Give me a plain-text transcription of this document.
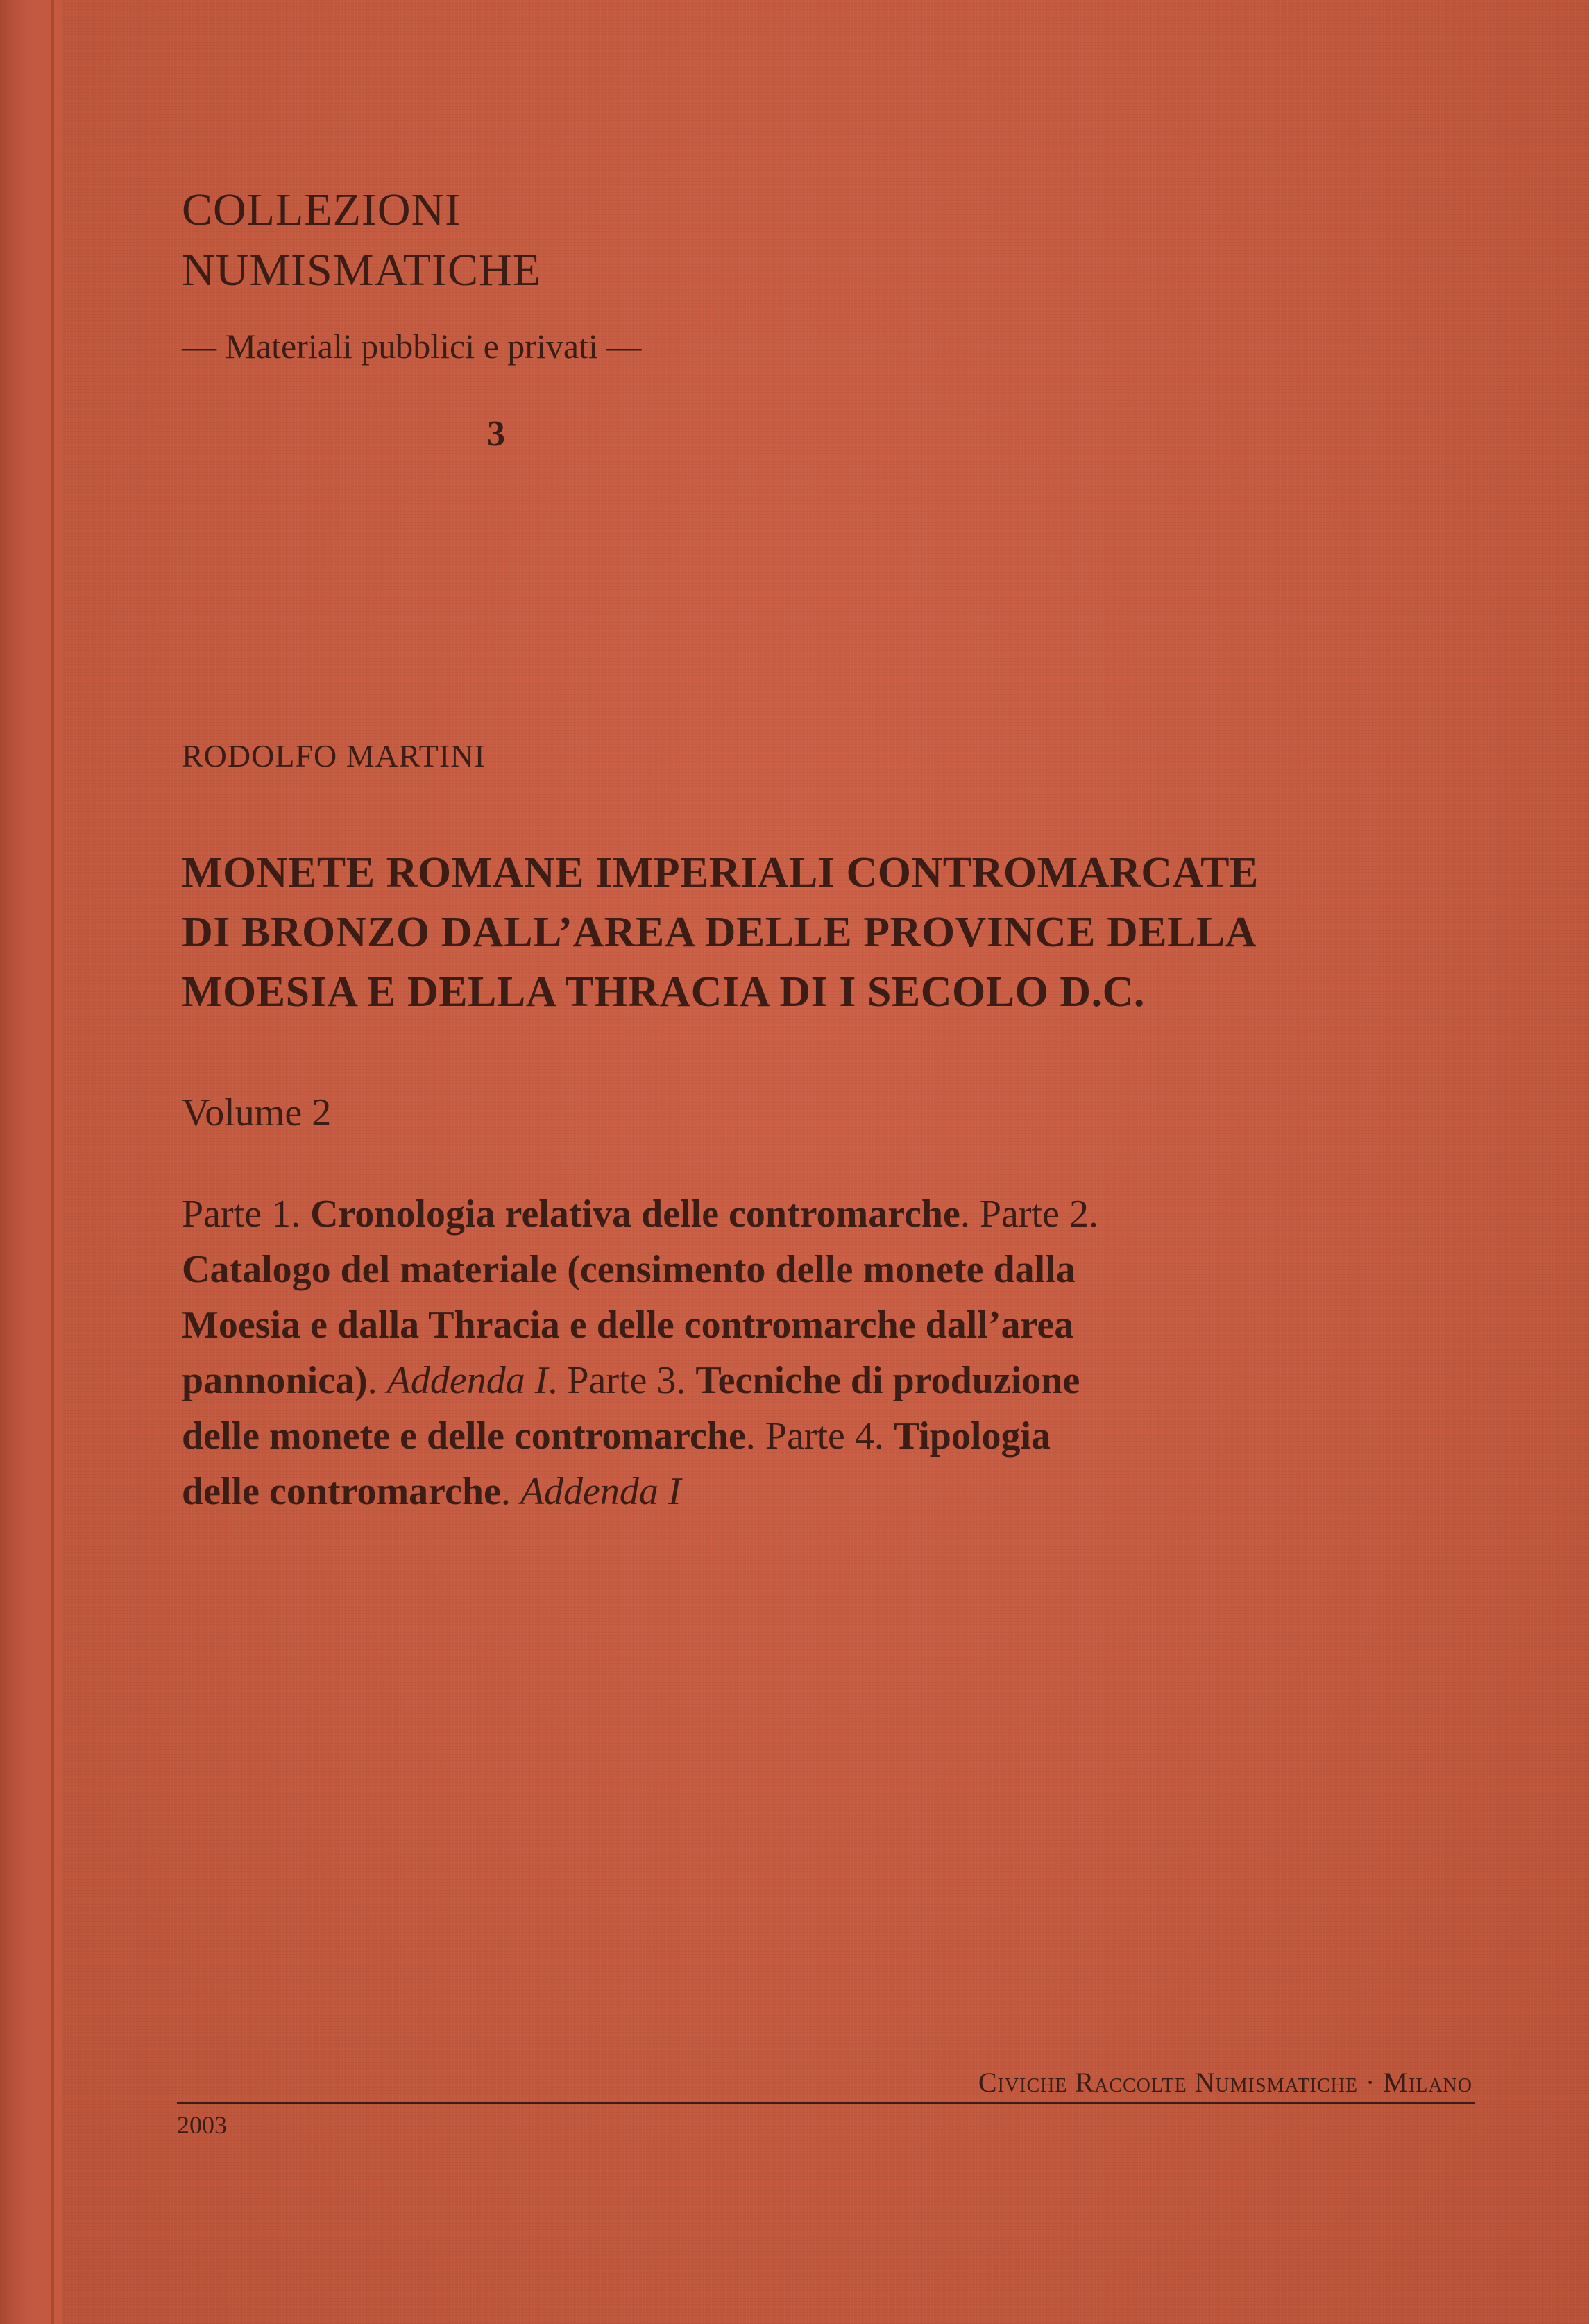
COLLEZIONI
NUMISMATICHE
— Materiali pubblici e privati —
3
RODOLFO MARTINI
MONETE ROMANE IMPERIALI CONTROMARCATE
DI BRONZO DALL’AREA DELLE PROVINCE DELLA
MOESIA E DELLA THRACIA DI I SECOLO D.C.
Volume 2
Parte 1. Cronologia relativa delle contromarche. Parte 2.
Catalogo del materiale (censimento delle monete dalla
Moesia e dalla Thracia e delle contromarche dall’area
pannonica). Addenda I. Parte 3. Tecniche di produzione
delle monete e delle contromarche. Parte 4. Tipologia
delle contromarche. Addenda I
Civiche Raccolte Numismatiche · Milano
2003
